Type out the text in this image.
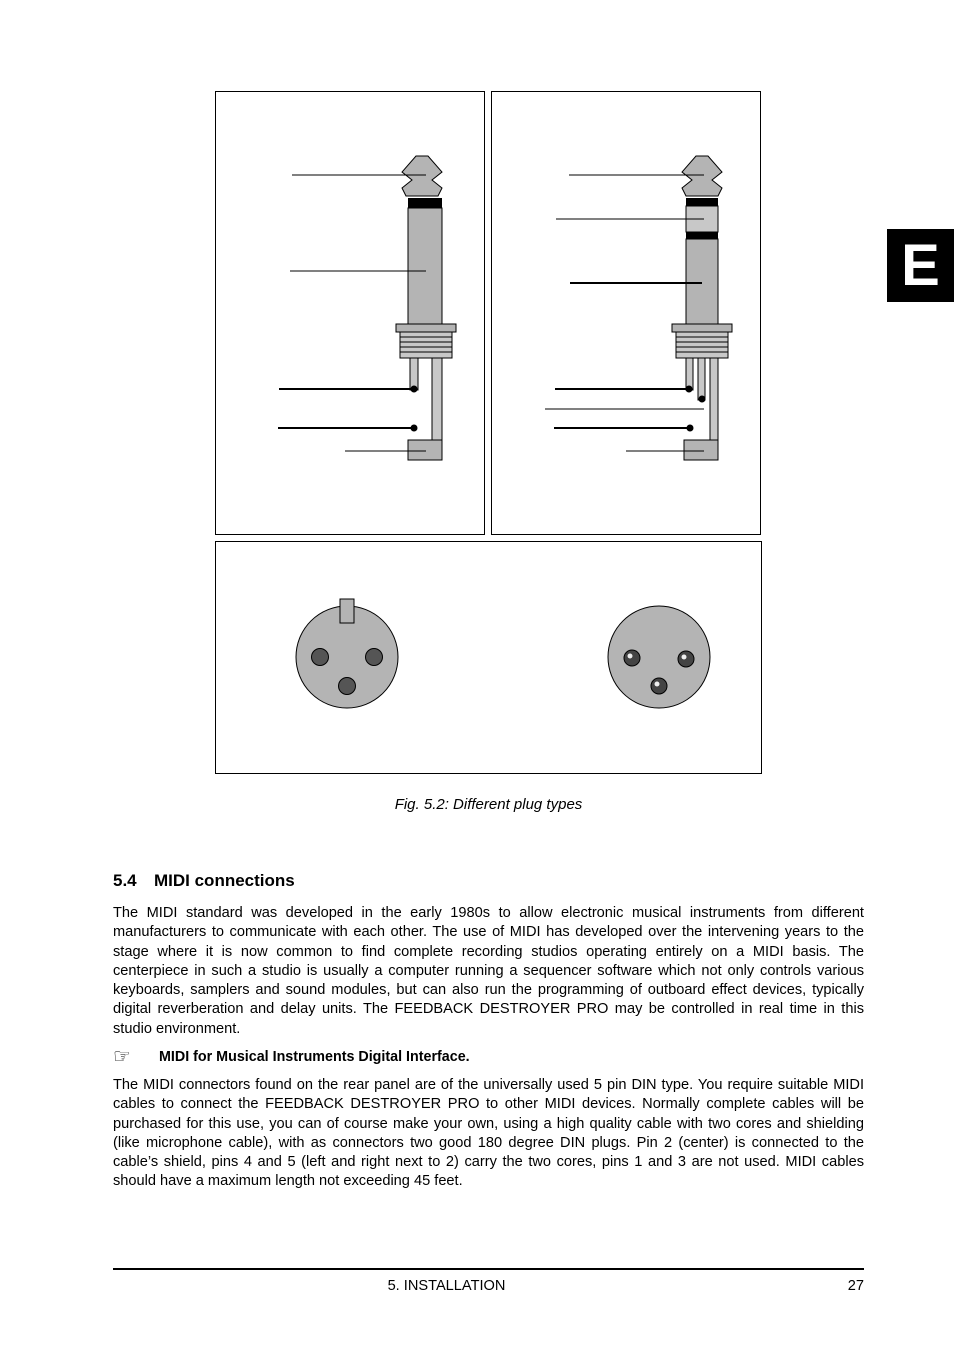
E
Fig. 5.2: Different plug types
5.4 MIDI connections

The MIDI standard was developed in the early 1980s to allow electronic musical instruments from different manufacturers to communicate with each other. The use of MIDI has developed over the intervening years to the stage where it is now common to find complete recording studios operating entirely on a MIDI basis. The centerpiece in such a studio is usually a computer running a sequencer software which not only controls various keyboards, samplers and sound modules, but can also run the programming of outboard effect devices, typically digital reverberation and delay units. The FEEDBACK DESTROYER PRO may be controlled in real time in this studio environment.

☞	MIDI for Musical Instruments Digital Interface.

The MIDI connectors found on the rear panel are of the universally used 5 pin DIN type. You require suitable MIDI cables to connect the FEEDBACK DESTROYER PRO to other MIDI devices. Normally complete cables will be purchased for this use, you can of course make your own, using a high quality cable with two cores and shielding (like microphone cable), with as connectors two good 180 degree DIN plugs. Pin 2 (center) is connected to the cable’s shield, pins 4 and 5 (left and right next to 2) carry the two cores, pins 1 and 3 are not used. MIDI cables should have a maximum length not exceeding 45 feet.

5. INSTALLATION	27
